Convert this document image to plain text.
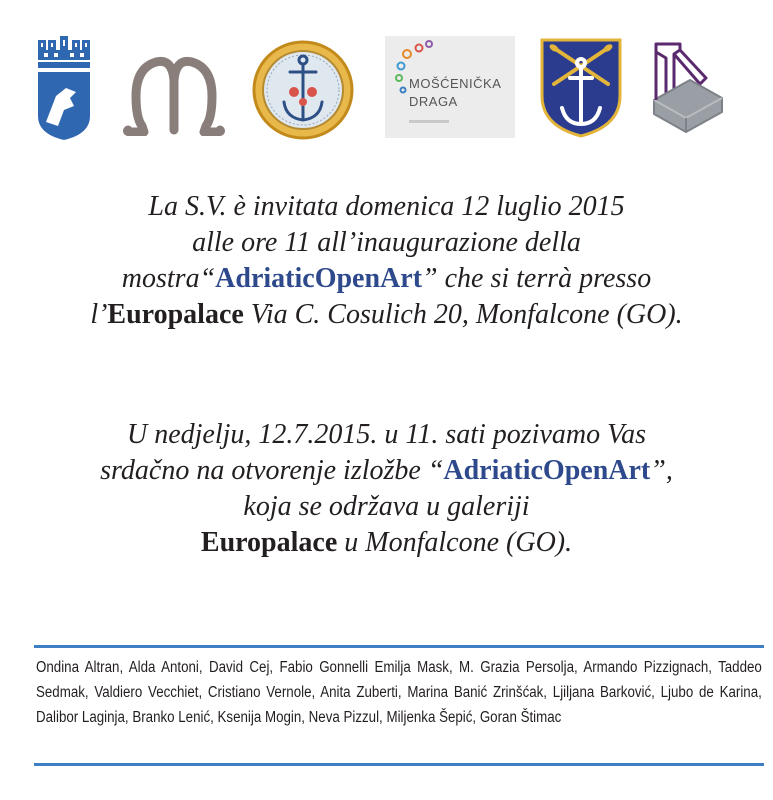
MOŠĆENIČKA
DRAGA
La S.V. è invitata domenica 12 luglio 2015
alle ore 11 all’inaugurazione della
mostra“AdriaticOpenArt” che si terrà presso
l’Europalace Via C. Cosulich 20, Monfalcone (GO).
U nedjelju, 12.7.2015. u 11. sati pozivamo Vas
srdačno na otvorenje izložbe “AdriaticOpenArt”,
koja se održava u galeriji
Europalace u Monfalcone (GO).
Ondina Altran, Alda Antoni, David Cej, Fabio Gonnelli Emilja Mask, M. Grazia Persolja, Armando Pizzignach, Taddeo Sedmak, Valdiero Vecchiet, Cristiano Vernole, Anita Zuberti, Marina Banić Zrinšćak, Ljiljana Barković, Ljubo de Karina, Dalibor Laginja, Branko Lenić, Ksenija Mogin, Neva Pizzul, Miljenka Šepić, Goran Štimac
